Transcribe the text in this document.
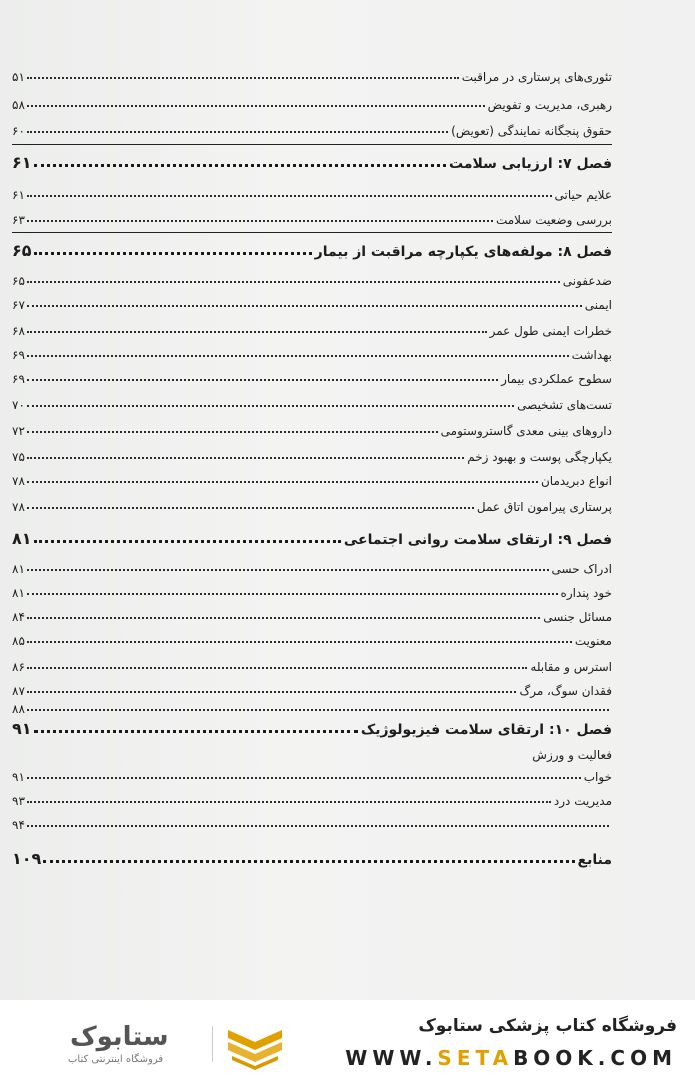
تئوری‌های پرستاری در مراقبت
۵۱
رهبری، مدیریت و تفویض
۵۸
حقوق پنجگانه نمایندگی (تعویض)
۶۰
فصل ۷: ارزیابی سلامت
۶۱
علایم حیاتی
۶۱
بررسی وضعیت سلامت
۶۳
فصل ۸: مولفه‌های یکپارچه مراقبت از بیمار
۶۵
ضدعفونی
۶۵
ایمنی
۶۷
خطرات ایمنی طول عمر
۶۸
بهداشت
۶۹
سطوح عملکردی بیمار
۶۹
تست‌های تشخیصی
۷۰
داروهای بینی معدی گاستروستومی
۷۲
یکپارچگی پوست و بهبود زخم
۷۵
انواع دبریدمان
۷۸
پرستاری پیرامون اتاق عمل
۷۸
فصل ۹: ارتقای سلامت روانی اجتماعی
۸۱
ادراک حسی
۸۱
خود پنداره
۸۱
مسائل جنسی
۸۴
معنویت
۸۵
استرس و مقابله
۸۶
فقدان سوگ، مرگ
۸۷
۸۸
فصل ۱۰: ارتقای سلامت فیزیولوژیک
۹۱
فعالیت و ورزش
خواب
۹۱
مدیریت درد
۹۳
۹۴
منابع
۱۰۹
ستابوک
فروشگاه اینترنتی کتاب
فروشگاه کتاب پزشکی ستابوک
WWW.SETABOOK.COM
